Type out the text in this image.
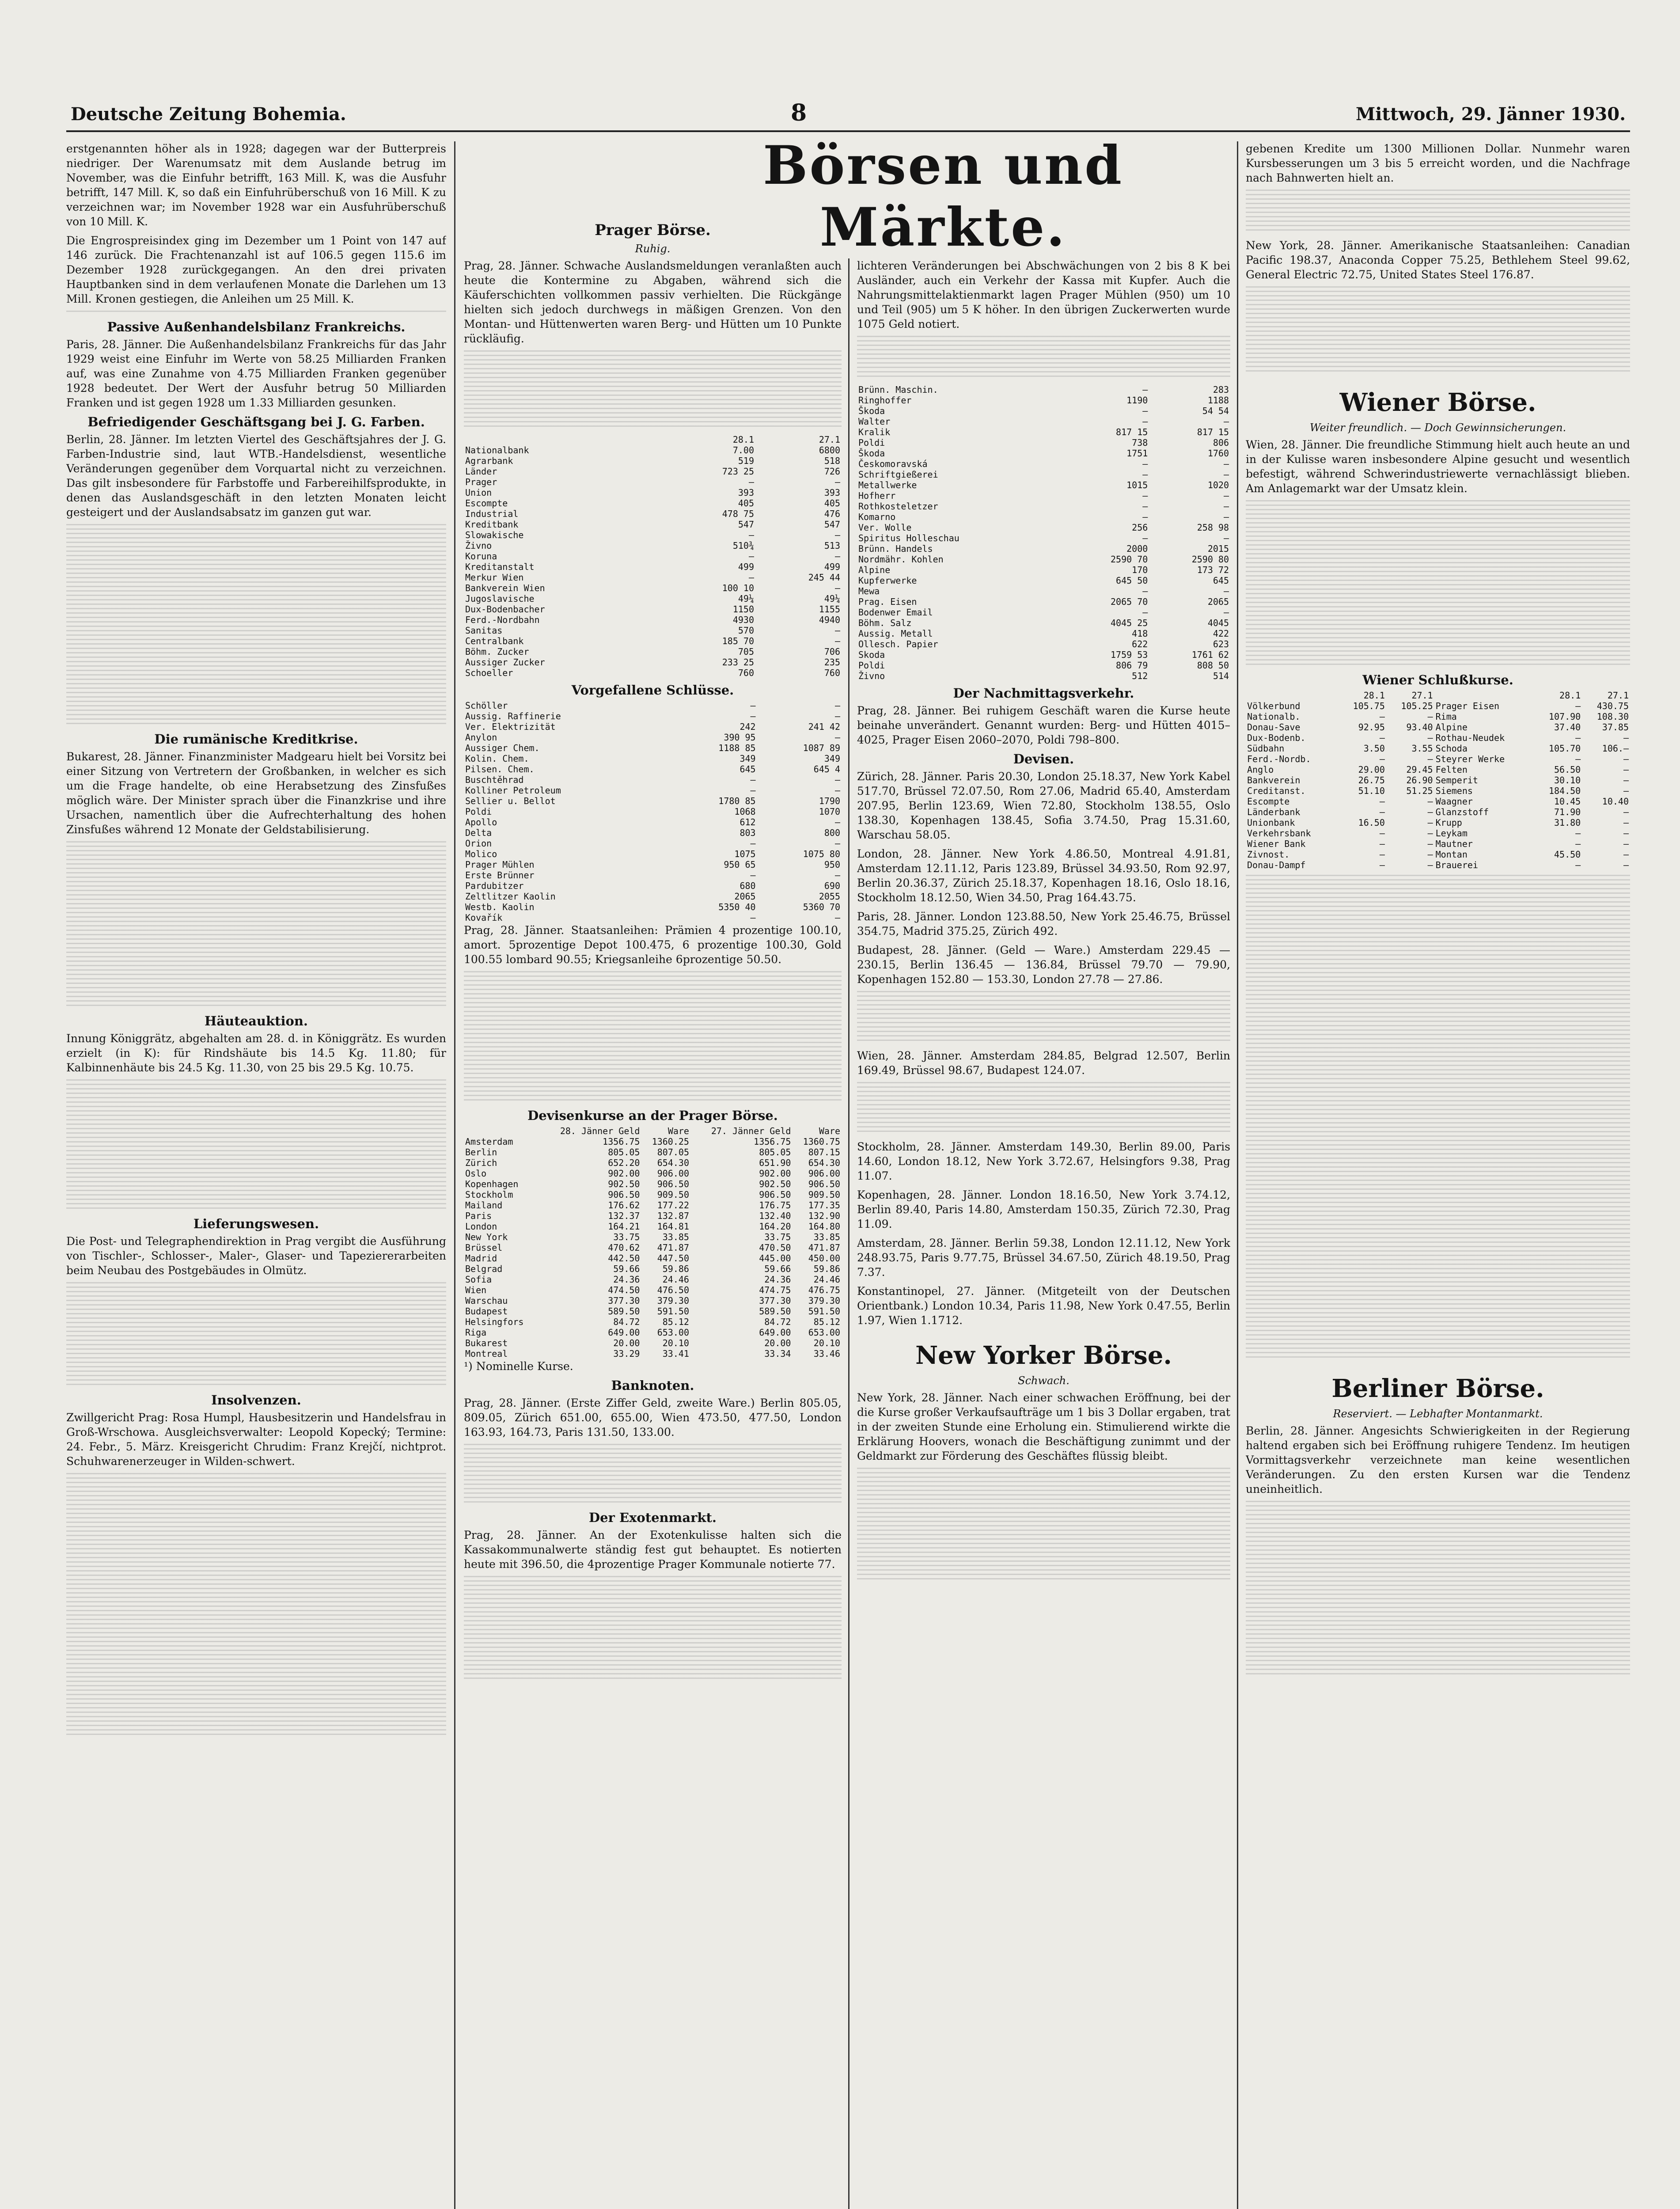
Deutsche Zeitung Bohemia.	8	Mittwoch, 29. Jänner 1930.
Börsen und Märkte.

erstgenannten höher als in 1928; dagegen war der Butterpreis niedriger. Der Warenumsatz mit dem Auslande betrug im November, was die Einfuhr betrifft, 163 Mill. K, was die Ausfuhr betrifft, 147 Mill. K, so daß ein Einfuhrüberschuß von 16 Mill. K zu verzeichnen war; im November 1928 war ein Ausfuhrüberschuß von 10 Mill. K.

Die Engrospreisindex ging im Dezember um 1 Point von 147 auf 146 zurück. Die Frachtenanzahl ist auf 106.5 gegen 115.6 im Dezember 1928 zurückgegangen. An den drei privaten Hauptbanken sind in dem verlaufenen Monate die Darlehen um 13 Mill. Kronen gestiegen, die Anleihen um 25 Mill. K.

Passive Außenhandelsbilanz Frankreichs.

Paris, 28. Jänner. Die Außenhandelsbilanz Frankreichs für das Jahr 1929 weist eine Einfuhr im Werte von 58.25 Milliarden Franken auf, was eine Zunahme von 4.75 Milliarden Franken gegenüber 1928 bedeutet. Der Wert der Ausfuhr betrug 50 Milliarden Franken und ist gegen 1928 um 1.33 Milliarden gesunken.

Befriedigender Geschäftsgang bei J. G. Farben.

Berlin, 28. Jänner. Im letzten Viertel des Geschäftsjahres der J. G. Farben-Industrie sind, laut WTB.-Handelsdienst, wesentliche Veränderungen gegenüber dem Vorquartal nicht zu verzeichnen. Das gilt insbesondere für Farbstoffe und Farbereihilfsprodukte, in denen das Auslandsgeschäft in den letzten Monaten leicht gesteigert und der Auslandsabsatz im ganzen gut war.

Die rumänische Kreditkrise.

Bukarest, 28. Jänner. Finanzminister Madgearu hielt bei Vorsitz bei einer Sitzung von Vertretern der Großbanken, in welcher es sich um die Frage handelte, ob eine Herabsetzung des Zinsfußes möglich wäre. Der Minister sprach über die Finanzkrise und ihre Ursachen, namentlich über die Aufrechterhaltung des hohen Zinsfußes während 12 Monate der Geldstabilisierung.

Häuteauktion.

Innung Königgrätz, abgehalten am 28. d. in Königgrätz. Es wurden erzielt (in K): für Rindshäute bis 14.5 Kg. 11.80; für Kalbinnenhäute bis 24.5 Kg. 11.30, von 25 bis 29.5 Kg. 10.75.

Lieferungswesen.

Die Post- und Telegraphendirektion in Prag vergibt die Ausführung von Tischler-, Schlosser-, Maler-, Glaser- und Tapeziererarbeiten beim Neubau des Postgebäudes in Olmütz.

Insolvenzen.

Zwillgericht Prag: Rosa Humpl, Hausbesitzerin und Handelsfrau in Groß-Wrschowa. Ausgleichsverwalter: Leopold Kopecký; Termine: 24. Febr., 5. März. Kreisgericht Chrudim: Franz Krejčí, nichtprot. Schuhwarenerzeuger in Wilden-schwert.

Prager Börse.
Ruhig.

Prag, 28. Jänner. Schwache Auslandsmeldungen veranlaßten auch heute die Kontermine zu Abgaben, während sich die Käuferschichten vollkommen passiv verhielten. Die Rückgänge hielten sich jedoch durchwegs in mäßigen Grenzen. Von den Montan- und Hüttenwerten waren Berg- und Hütten um 10 Punkte rückläufig.

	28.1	27.1
Nationalbank	7.00	6800
Agrarbank	519	518
Länder	723 25	726
Prager	—	—
Union	393	393
Escompte	405	405
Industrial	478 75	476
Kreditbank	547	547
Slowakische	—	—
Živno	510¾	513
Koruna	—	—
Kreditanstalt	499	499
Merkur Wien	—	245 44
Bankverein Wien	100 10	—
Jugoslavische	49¼	49¼
Dux-Bodenbacher	1150	1155
Ferd.-Nordbahn	4930	4940
Sanitas	570	—
Centralbank	185 70	—
Böhm. Zucker	705	706
Aussiger Zucker	233 25	235
Schoeller	760	760
Vorgefallene Schlüsse.
Schöller	—	—
Aussig. Raffinerie	—	—
Ver. Elektrizität	242	241 42
Anylon	390 95	—
Aussiger Chem.	1188 85	1087 89
Kolin. Chem.	349	349
Pilsen. Chem.	645	645 4
Buschtěhrad	—	—
Kolliner Petroleum	—	—
Sellier u. Bellot	1780 85	1790
Poldi	1068	1070
Apollo	612	—
Delta	803	800
Orion	—	—
Molico	1075	1075 80
Prager Mühlen	950 65	950
Erste Brünner	—	—
Pardubitzer	680	690
Zeltlitzer Kaolin	2065	2055
Westb. Kaolin	5350 40	5360 70
Kovařík	—	—

Prag, 28. Jänner. Staatsanleihen: Prämien 4 prozentige 100.10, amort. 5prozentige Depot 100.475, 6 prozentige 100.30, Gold 100.55 lombard 90.55; Kriegsanleihe 6prozentige 50.50.

Devisenkurse an der Prager Börse.
	28. Jänner Geld	Ware	27. Jänner Geld	Ware
Amsterdam	1356.75	1360.25	1356.75	1360.75
Berlin	805.05	807.05	805.05	807.15
Zürich	652.20	654.30	651.90	654.30
Oslo	902.00	906.00	902.00	906.00
Kopenhagen	902.50	906.50	902.50	906.50
Stockholm	906.50	909.50	906.50	909.50
Mailand	176.62	177.22	176.75	177.35
Paris	132.37	132.87	132.40	132.90
London	164.21	164.81	164.20	164.80
New York	33.75	33.85	33.75	33.85
Brüssel	470.62	471.87	470.50	471.87
Madrid	442.50	447.50	445.00	450.00
Belgrad	59.66	59.86	59.66	59.86
Sofia	24.36	24.46	24.36	24.46
Wien	474.50	476.50	474.75	476.75
Warschau	377.30	379.30	377.30	379.30
Budapest	589.50	591.50	589.50	591.50
Helsingfors	84.72	85.12	84.72	85.12
Riga	649.00	653.00	649.00	653.00
Bukarest	20.00	20.10	20.00	20.10
Montreal	33.29	33.41	33.34	33.46

¹) Nominelle Kurse.

Banknoten.

Prag, 28. Jänner. (Erste Ziffer Geld, zweite Ware.) Berlin 805.05, 809.05, Zürich 651.00, 655.00, Wien 473.50, 477.50, London 163.93, 164.73, Paris 131.50, 133.00.

Der Exotenmarkt.

Prag, 28. Jänner. An der Exotenkulisse halten sich die Kassakommunalwerte ständig fest gut behauptet. Es notierten heute mit 396.50, die 4prozentige Prager Kommunale notierte 77.

lichteren Veränderungen bei Abschwächungen von 2 bis 8 K bei Ausländer, auch ein Verkehr der Kassa mit Kupfer. Auch die Nahrungsmittelaktienmarkt lagen Prager Mühlen (950) um 10 und Teil (905) um 5 K höher. In den übrigen Zuckerwerten wurde 1075 Geld notiert.

Brünn. Maschin.	—	283
Ringhoffer	1190	1188
Škoda	—	54 54
Walter	—	—
Kralik	817 15	817 15
Poldi	738	806
Škoda	1751	1760
Českomoravská	—	—
Schriftgießerei	—	—
Metallwerke	1015	1020
Hofherr	—	—
Rothkosteletzer	—	—
Komarno	—	—
Ver. Wolle	256	258 98
Spiritus Holleschau	—	—
Brünn. Handels	2000	2015
Nordmähr. Kohlen	2590 70	2590 80
Alpine	170	173 72
Kupferwerke	645 50	645
Mewa	—	—
Prag. Eisen	2065 70	2065
Bodenwer Email	—	—
Böhm. Salz	4045 25	4045
Aussig. Metall	418	422
Ollesch. Papier	622	623
Skoda	1759 53	1761 62
Poldi	806 79	808 50
Živno	512	514
Der Nachmittagsverkehr.

Prag, 28. Jänner. Bei ruhigem Geschäft waren die Kurse heute beinahe unverändert. Genannt wurden: Berg- und Hütten 4015–4025, Prager Eisen 2060–2070, Poldi 798–800.

Devisen.

Zürich, 28. Jänner. Paris 20.30, London 25.18.37, New York Kabel 517.70, Brüssel 72.07.50, Rom 27.06, Madrid 65.40, Amsterdam 207.95, Berlin 123.69, Wien 72.80, Stockholm 138.55, Oslo 138.30, Kopenhagen 138.45, Sofia 3.74.50, Prag 15.31.60, Warschau 58.05.

London, 28. Jänner. New York 4.86.50, Montreal 4.91.81, Amsterdam 12.11.12, Paris 123.89, Brüssel 34.93.50, Rom 92.97, Berlin 20.36.37, Zürich 25.18.37, Kopenhagen 18.16, Oslo 18.16, Stockholm 18.12.50, Wien 34.50, Prag 164.43.75.

Paris, 28. Jänner. London 123.88.50, New York 25.46.75, Brüssel 354.75, Madrid 375.25, Zürich 492.

Budapest, 28. Jänner. (Geld — Ware.) Amsterdam 229.45 — 230.15, Berlin 136.45 — 136.84, Brüssel 79.70 — 79.90, Kopenhagen 152.80 — 153.30, London 27.78 — 27.86.

Wien, 28. Jänner. Amsterdam 284.85, Belgrad 12.507, Berlin 169.49, Brüssel 98.67, Budapest 124.07.

Stockholm, 28. Jänner. Amsterdam 149.30, Berlin 89.00, Paris 14.60, London 18.12, New York 3.72.67, Helsingfors 9.38, Prag 11.07.

Kopenhagen, 28. Jänner. London 18.16.50, New York 3.74.12, Berlin 89.40, Paris 14.80, Amsterdam 150.35, Zürich 72.30, Prag 11.09.

Amsterdam, 28. Jänner. Berlin 59.38, London 12.11.12, New York 248.93.75, Paris 9.77.75, Brüssel 34.67.50, Zürich 48.19.50, Prag 7.37.

Konstantinopel, 27. Jänner. (Mitgeteilt von der Deutschen Orientbank.) London 10.34, Paris 11.98, New York 0.47.55, Berlin 1.97, Wien 1.1712.

New Yorker Börse.
Schwach.

New York, 28. Jänner. Nach einer schwachen Eröffnung, bei der die Kurse großer Verkaufsaufträge um 1 bis 3 Dollar ergaben, trat in der zweiten Stunde eine Erholung ein. Stimulierend wirkte die Erklärung Hoovers, wonach die Beschäftigung zunimmt und der Geldmarkt zur Förderung des Geschäftes flüssig bleibt.

gebenen Kredite um 1300 Millionen Dollar. Nunmehr waren Kursbesserungen um 3 bis 5 erreicht worden, und die Nachfrage nach Bahnwerten hielt an.

New York, 28. Jänner. Amerikanische Staatsanleihen: Canadian Pacific 198.37, Anaconda Copper 75.25, Bethlehem Steel 99.62, General Electric 72.75, United States Steel 176.87.

Wiener Börse.
Weiter freundlich. — Doch Gewinnsicherungen.

Wien, 28. Jänner. Die freundliche Stimmung hielt auch heute an und in der Kulisse waren insbesondere Alpine gesucht und wesentlich befestigt, während Schwerindustriewerte vernachlässigt blieben. Am Anlagemarkt war der Umsatz klein.

Wiener Schlußkurse.
	28.1	27.1		28.1	27.1
Völkerbund	105.75	105.25	Prager Eisen	—	430.75
Nationalb.	—	—	Rima	107.90	108.30
Donau-Save	92.95	93.40	Alpine	37.40	37.85
Dux-Bodenb.	—	—	Rothau-Neudek	—	—
Südbahn	3.50	3.55	Schoda	105.70	106.—
Ferd.-Nordb.	—	—	Steyrer Werke	—	—
Anglo	29.00	29.45	Felten	56.50	—
Bankverein	26.75	26.90	Semperit	30.10	—
Creditanst.	51.10	51.25	Siemens	184.50	—
Escompte	—	—	Waagner	10.45	10.40
Länderbank	—	—	Glanzstoff	71.90	—
Unionbank	16.50	—	Krupp	31.80	—
Verkehrsbank	—	—	Leykam	—	—
Wiener Bank	—	—	Mautner	—	—
Zivnost.	—	—	Montan	45.50	—
Donau-Dampf	—	—	Brauerei	—	—
Berliner Börse.
Reserviert. — Lebhafter Montanmarkt.

Berlin, 28. Jänner. Angesichts Schwierigkeiten in der Regierung haltend ergaben sich bei Eröffnung ruhigere Tendenz. Im heutigen Vormittagsverkehr verzeichnete man keine wesentlichen Veränderungen. Zu den ersten Kursen war die Tendenz uneinheitlich.
